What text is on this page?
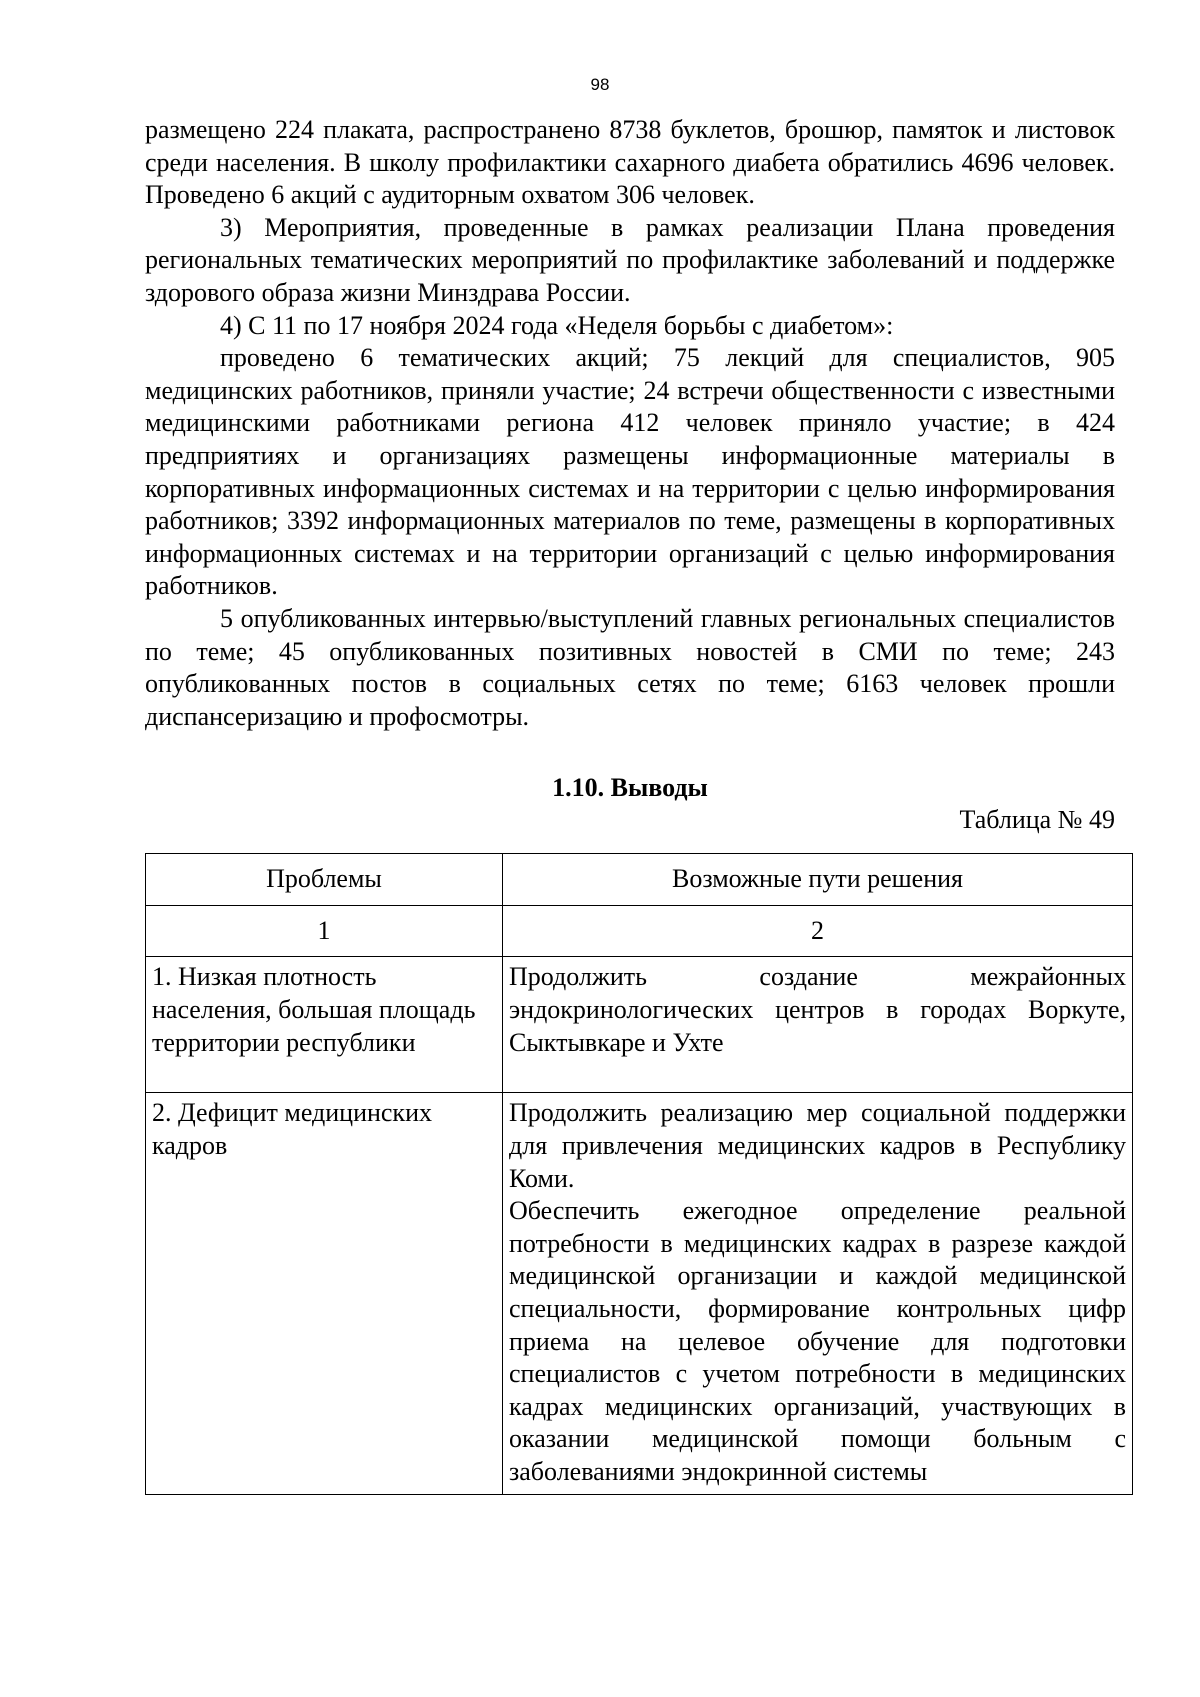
98

размещено 224 плаката, распространено 8738 буклетов, брошюр, памяток и листовок среди населения. В школу профилактики сахарного диабета обратились 4696 человек. Проведено 6 акций с аудиторным охватом 306 человек.

3) Мероприятия, проведенные в рамках реализации Плана проведения региональных тематических мероприятий по профилактике заболеваний и поддержке здорового образа жизни Минздрава России.

4) С 11 по 17 ноября 2024 года «Неделя борьбы с диабетом»:

проведено 6 тематических акций; 75 лекций для специалистов, 905 медицинских работников, приняли участие; 24 встречи общественности с известными медицинскими работниками региона 412 человек приняло участие; в 424 предприятиях и организациях размещены информационные материалы в корпоративных информационных системах и на территории с целью информирования работников; 3392 информационных материалов по теме, размещены в корпоративных информационных системах и на территории организаций с целью информирования работников.

5 опубликованных интервью/выступлений главных региональных специалистов по теме; 45 опубликованных позитивных новостей в СМИ по теме; 243 опубликованных постов в социальных сетях по теме; 6163 человек прошли диспансеризацию и профосмотры.

1.10. Выводы
Таблица № 49
Проблемы	Возможные пути решения
1	2
1. Низкая плотность населения, большая площадь территории республики	Продолжить создание межрайонных эндокринологических центров в городах Воркуте, Сыктывкаре и Ухте

2. Дефицит медицинских кадров	Продолжить реализацию мер социальной поддержки для привлечения медицинских кадров в Республику Коми.

Обеспечить ежегодное определение реальной потребности в медицинских кадрах в разрезе каждой медицинской организации и каждой медицинской специальности, формирование контрольных цифр приема на целевое обучение для подготовки специалистов с учетом потребности в медицинских кадрах медицинских организаций, участвующих в оказании медицинской помощи больным с заболеваниями эндокринной системы
